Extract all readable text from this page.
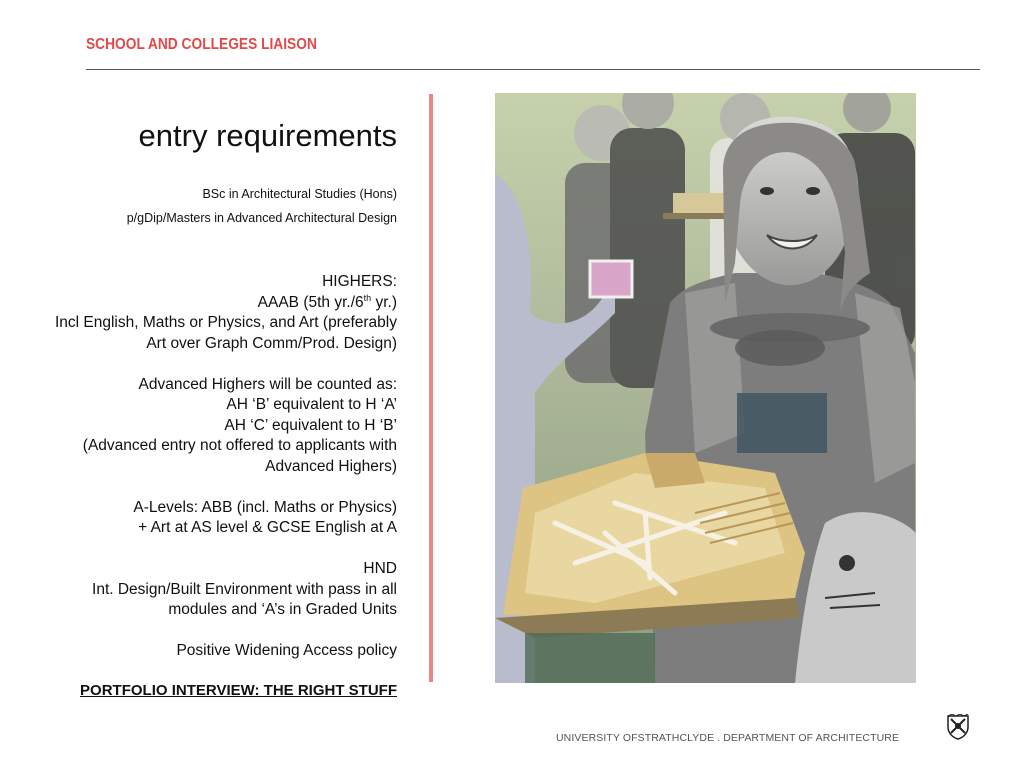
SCHOOL AND COLLEGES LIAISON
entry requirements

BSc in Architectural Studies (Hons)

p/gDip/Masters in Advanced Architectural Design

HIGHERS:

AAAB (5th yr./6th yr.)

Incl English, Maths or Physics, and Art (preferably

Art over Graph Comm/Prod. Design)

Advanced Highers will be counted as:

AH ‘B’ equivalent to H ‘A’

AH ‘C’ equivalent to H ‘B’

(Advanced entry not offered to applicants with

Advanced Highers)

A-Levels: ABB (incl. Maths or Physics)

+ Art at AS level & GCSE English at A

HND

Int. Design/Built Environment with pass in all

modules and ‘A’s in Graded Units

Positive Widening Access policy

PORTFOLIO INTERVIEW: THE RIGHT STUFF
UNIVERSITY OFSTRATHCLYDE . DEPARTMENT OF ARCHITECTURE
